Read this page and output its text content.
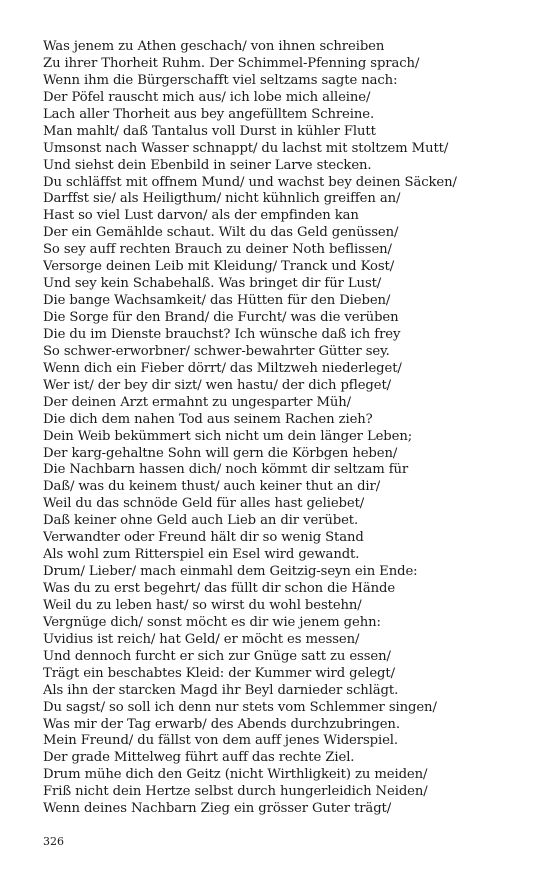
Was jenem zu Athen geschach/ von ihnen schreiben
Zu ihrer Thorheit Ruhm. Der Schimmel-Pfenning sprach/
Wenn ihm die Bürgerschafft viel seltzams sagte nach:
Der Pöfel rauscht mich aus/ ich lobe mich alleine/
Lach aller Thorheit aus bey angefülltem Schreine.
Man mahlt/ daß Tantalus voll Durst in kühler Flutt
Umsonst nach Wasser schnappt/ du lachst mit stoltzem Mutt/
Und siehst dein Ebenbild in seiner Larve stecken.
Du schläffst mit offnem Mund/ und wachst bey deinen Säcken/
Darffst sie/ als Heiligthum/ nicht kühnlich greiffen an/
Hast so viel Lust darvon/ als der empfinden kan
Der ein Gemählde schaut. Wilt du das Geld genüssen/
So sey auff rechten Brauch zu deiner Noth beflissen/
Versorge deinen Leib mit Kleidung/ Tranck und Kost/
Und sey kein Schabehalß. Was bringet dir für Lust/
Die bange Wachsamkeit/ das Hütten für den Dieben/
Die Sorge für den Brand/ die Furcht/ was die verüben
Die du im Dienste brauchst? Ich wünsche daß ich frey
So schwer-erworbner/ schwer-bewahrter Gütter sey.
Wenn dich ein Fieber dörrt/ das Miltzweh niederleget/
Wer ist/ der bey dir sizt/ wen hastu/ der dich pfleget/
Der deinen Arzt ermahnt zu ungesparter Müh/
Die dich dem nahen Tod aus seinem Rachen zieh?
Dein Weib bekümmert sich nicht um dein länger Leben;
Der karg-gehaltne Sohn will gern die Körbgen heben/
Die Nachbarn hassen dich/ noch kömmt dir seltzam für
Daß/ was du keinem thust/ auch keiner thut an dir/
Weil du das schnöde Geld für alles hast geliebet/
Daß keiner ohne Geld auch Lieb an dir verübet.
Verwandter oder Freund hält dir so wenig Stand
Als wohl zum Ritterspiel ein Esel wird gewandt.
Drum/ Lieber/ mach einmahl dem Geitzig-seyn ein Ende:
Was du zu erst begehrt/ das füllt dir schon die Hände
Weil du zu leben hast/ so wirst du wohl bestehn/
Vergnüge dich/ sonst möcht es dir wie jenem gehn:
Uvidius ist reich/ hat Geld/ er möcht es messen/
Und dennoch furcht er sich zur Gnüge satt zu essen/
Trägt ein beschabtes Kleid: der Kummer wird gelegt/
Als ihn der starcken Magd ihr Beyl darnieder schlägt.
Du sagst/ so soll ich denn nur stets vom Schlemmer singen/
Was mir der Tag erwarb/ des Abends durchzubringen.
Mein Freund/ du fällst von dem auff jenes Widerspiel.
Der grade Mittelweg führt auff das rechte Ziel.
Drum mühe dich den Geitz (nicht Wirthligkeit) zu meiden/
Friß nicht dein Hertze selbst durch hungerleidich Neiden/
Wenn deines Nachbarn Zieg ein grösser Guter trägt/
326
